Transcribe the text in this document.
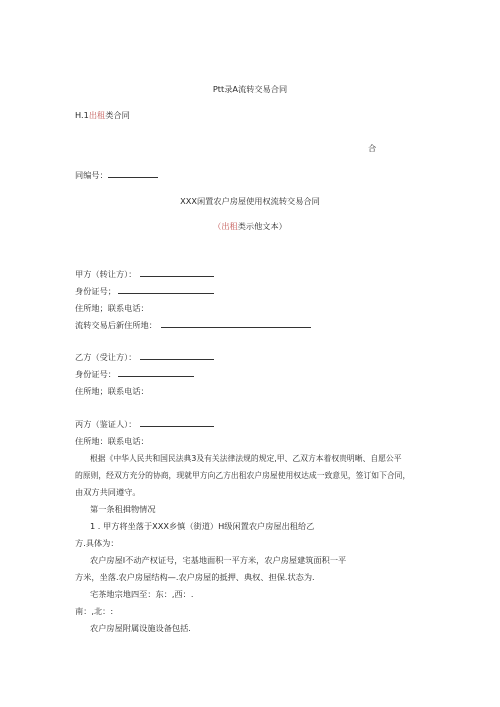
Ptt录A流转交易合同
H.1出租类合同
合
同编号：
XXX闲置农户房屋使用权流转交易合同
（出租类示他文本）
甲方（转让方）：
身份证号；
住所地；联系电话：
流转交易后新住所地：
乙方（受让方）：
身份证号：
住所地；联系电话：
丙方（鉴证人）：
住所地：联系电话：
根据《中华人民共和国民法典3及有关法律法规的规定,甲、乙双方本着权贵明晰、自愿公平
的原则，经双方充分的协商，现就甲方向乙方出租农户房屋使用权达成一致意见，签订如下合同，
由双方共同遵守。
第一条租揖物情况
1 . 甲方将坐落于XXX乡慎（街道）H级闲置农户房屋出租给乙
方.具体为：
农户房屋I不动产权证号，宅基地面积一平方米，农户房屋建筑面积一平
方米，坐落.农户房屋结构—.农户房屋的抵押、典权、担保.状态为.
宅茶地宗地四至：东：,西：.
南：,北：:
农户房屋附属设施设备包括.
